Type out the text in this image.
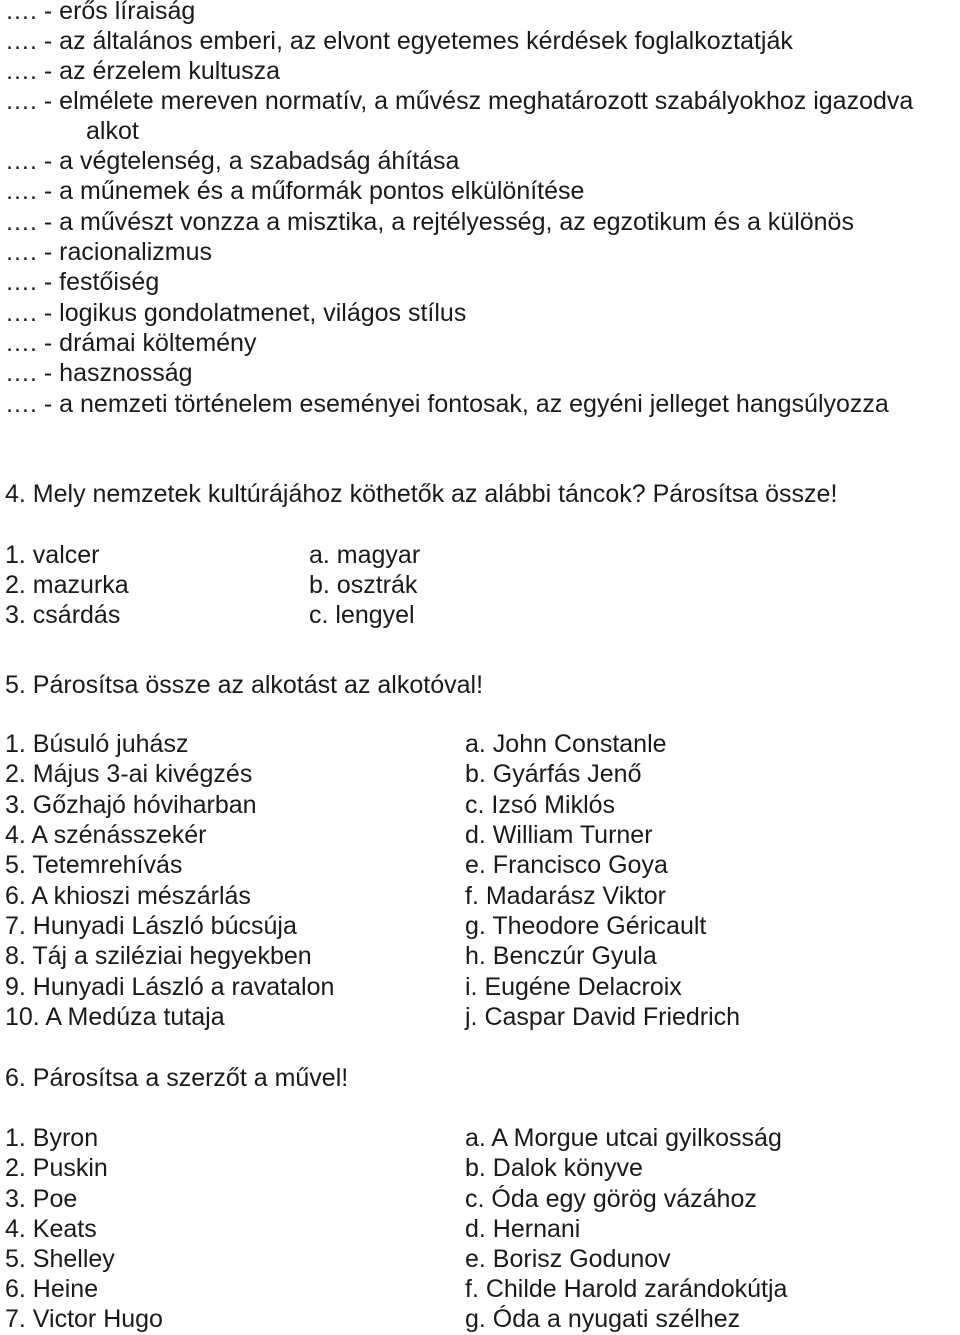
…. - erős líraiság
…. - az általános emberi, az elvont egyetemes kérdések foglalkoztatják
…. - az érzelem kultusza
…. - elmélete mereven normatív, a művész meghatározott szabályokhoz igazodva
alkot
…. - a végtelenség, a szabadság áhítása
…. - a műnemek és a műformák pontos elkülönítése
…. - a művészt vonzza a misztika, a rejtélyesség, az egzotikum és a különös
…. - racionalizmus
…. - festőiség
…. - logikus gondolatmenet, világos stílus
…. - drámai költemény
…. - hasznosság
…. - a nemzeti történelem eseményei fontosak, az egyéni jelleget hangsúlyozza
4. Mely nemzetek kultúrájához köthetők az alábbi táncok? Párosítsa össze!
1. valcer
2. mazurka
3. csárdás
a. magyar
b. osztrák
c. lengyel
5. Párosítsa össze az alkotást az alkotóval!
1. Búsuló juhász
2. Május 3-ai kivégzés
3. Gőzhajó hóviharban
4. A szénásszekér
5. Tetemrehívás
6. A khioszi mészárlás
7. Hunyadi László búcsúja
8. Táj a sziléziai hegyekben
9. Hunyadi László a ravatalon
10. A Medúza tutaja
a. John Constanle
b. Gyárfás Jenő
c. Izsó Miklós
d. William Turner
e. Francisco Goya
f. Madarász Viktor
g. Theodore Géricault
h. Benczúr Gyula
i. Eugéne Delacroix
j. Caspar David Friedrich
6. Párosítsa a szerzőt a művel!
1. Byron
2. Puskin
3. Poe
4. Keats
5. Shelley
6. Heine
7. Victor Hugo
a. A Morgue utcai gyilkosság
b. Dalok könyve
c. Óda egy görög vázához
d. Hernani
e. Borisz Godunov
f. Childe Harold zarándokútja
g. Óda a nyugati szélhez
